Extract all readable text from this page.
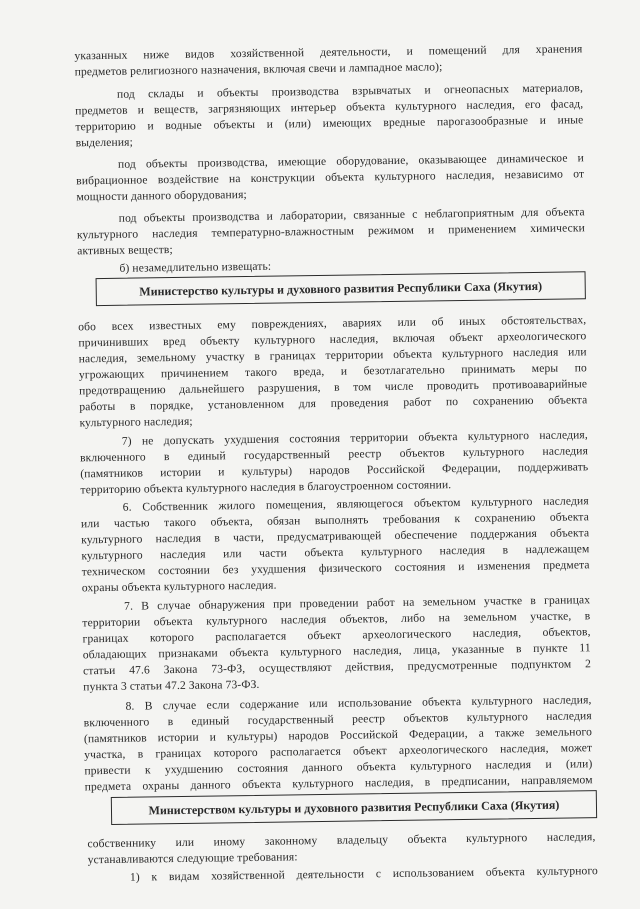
указанных ниже видов хозяйственной деятельности, и помещений для хранения
предметов религиозного назначения, включая свечи и лампадное масло);
под склады и объекты производства взрывчатых и огнеопасных материалов,
предметов и веществ, загрязняющих интерьер объекта культурного наследия, его фасад,
территорию и водные объекты и (или) имеющих вредные парогазообразные и иные
выделения;
под объекты производства, имеющие оборудование, оказывающее динамическое и
вибрационное воздействие на конструкции объекта культурного наследия, независимо от
мощности данного оборудования;
под объекты производства и лаборатории, связанные с неблагоприятным для объекта
культурного наследия температурно-влажностным режимом и применением химически
активных веществ;
б) незамедлительно извещать:
Министерство культуры и духовного развития Республики Саха (Якутия)
обо всех известных ему повреждениях, авариях или об иных обстоятельствах,
причинивших вред объекту культурного наследия, включая объект археологического
наследия, земельному участку в границах территории объекта культурного наследия или
угрожающих причинением такого вреда, и безотлагательно принимать меры по
предотвращению дальнейшего разрушения, в том числе проводить противоаварийные
работы в порядке, установленном для проведения работ по сохранению объекта
культурного наследия;
7) не допускать ухудшения состояния территории объекта культурного наследия,
включенного в единый государственный реестр объектов культурного наследия
(памятников истории и культуры) народов Российской Федерации, поддерживать
территорию объекта культурного наследия в благоустроенном состоянии.
6. Собственник жилого помещения, являющегося объектом культурного наследия
или частью такого объекта, обязан выполнять требования к сохранению объекта
культурного наследия в части, предусматривающей обеспечение поддержания объекта
культурного наследия или части объекта культурного наследия в надлежащем
техническом состоянии без ухудшения физического состояния и изменения предмета
охраны объекта культурного наследия.
7. В случае обнаружения при проведении работ на земельном участке в границах
территории объекта культурного наследия объектов, либо на земельном участке, в
границах которого располагается объект археологического наследия, объектов,
обладающих признаками объекта культурного наследия, лица, указанные в пункте 11
статьи 47.6 Закона 73-ФЗ, осуществляют действия, предусмотренные подпунктом 2
пункта 3 статьи 47.2 Закона 73-ФЗ.
8. В случае если содержание или использование объекта культурного наследия,
включенного в единый государственный реестр объектов культурного наследия
(памятников истории и культуры) народов Российской Федерации, а также земельного
участка, в границах которого располагается объект археологического наследия, может
привести к ухудшению состояния данного объекта культурного наследия и (или)
предмета охраны данного объекта культурного наследия, в предписании, направляемом
Министерством культуры и духовного развития Республики Саха (Якутия)
собственнику или иному законному владельцу объекта культурного наследия,
устанавливаются следующие требования:
1) к видам хозяйственной деятельности с использованием объекта культурного
